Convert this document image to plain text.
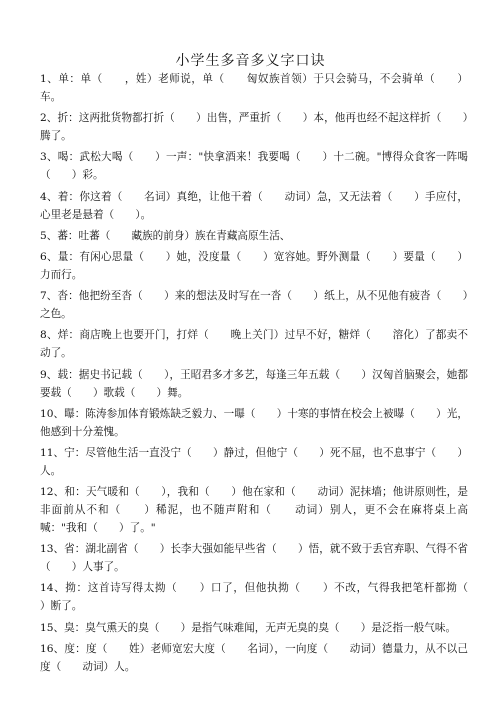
小学生多音多义字口诀

1、单：单（　　，姓）老师说，单（　　匈奴族首领）于只会骑马，不会骑单（　　）车。

2、折：这两批货物都打折（　　）出售，严重折（　　）本，他再也经不起这样折（　　）腾了。

3、喝：武松大喝（　　）一声："快拿酒来！我要喝（　　）十二碗。"博得众食客一阵喝（　　）彩。

4、着：你这着（　　名词）真绝，让他干着（　　动词）急，又无法着（　　）手应付，心里老是悬着（　　）。

5、蕃：吐蕃（　　藏族的前身）族在青藏高原生活、

6、量：有闲心思量（　　）她，没度量（　　）宽容她。野外测量（　　）要量（　　）力而行。

7、沓：他把纷至沓（　　）来的想法及时写在一沓（　　）纸上，从不见他有疲沓（　　）之色。

8、烊：商店晚上也要开门，打烊（　　晚上关门）过早不好，糖烊（　　溶化）了都卖不动了。

9、载：据史书记载（　　），王昭君多才多艺，每逢三年五载（　　）汉匈首脑聚会，她都要载（　　）歌载（　　）舞。

10、曝：陈涛参加体育锻炼缺乏毅力、一曝（　　）十寒的事情在校会上被曝（　　）光，他感到十分羞愧。

11、宁：尽管他生活一直没宁（　　）静过，但他宁（　　）死不屈，也不息事宁（　　）人。

12、和：天气暖和（　　），我和（　　）他在家和（　　动词）泥抹墙；他讲原则性，是非面前从不和（　　）稀泥，也不随声附和（　　动词）别人，更不会在麻将桌上高喊："我和（　　）了。"

13、省：湖北副省（　　）长李大强如能早些省（　　）悟，就不致于丢官弃职、气得不省（　　）人事了。

14、拗：这首诗写得太拗（　　）口了，但他执拗（　　）不改，气得我把笔杆都拗（　　）断了。

15、臭：臭气熏天的臭（　　）是指气味难闻，无声无臭的臭（　　）是泛指一般气味。

16、度：度（　　姓）老师宽宏大度（　　名词），一向度（　　动词）德量力，从不以己度（　　动词）人。
